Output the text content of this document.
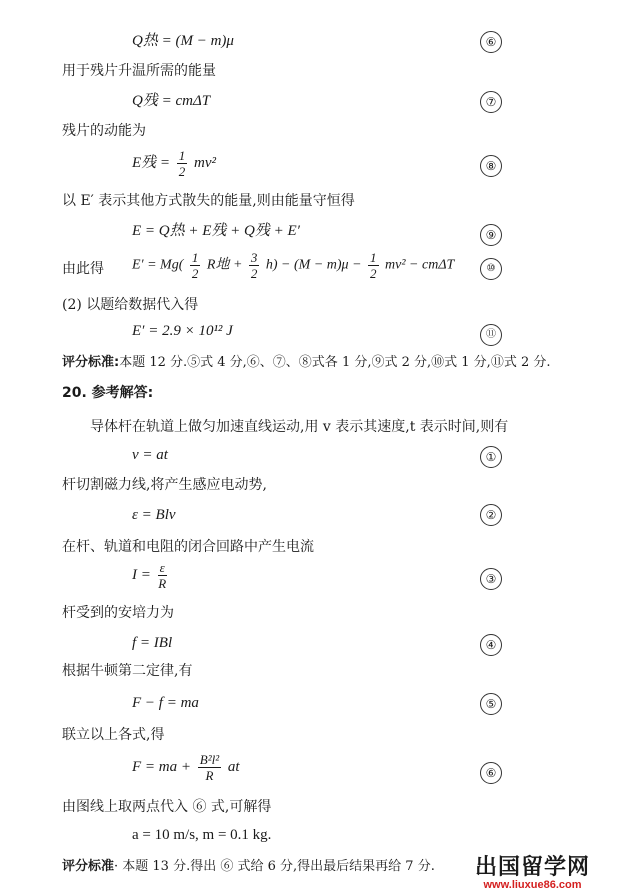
Q热 = (M − m)μ	⑥
用于残片升温所需的能量
Q残 = cmΔT	⑦
残片的动能为
E残 = $\frac{1}{2} mv^2$	⑧
以 E′ 表示其他方式散失的能量,则由能量守恒得
E = Q热 + E残 + Q残 + E′	⑨
由此得 $E' = Mg( \frac{1}{2}$ R地 + $\frac{3}{2} h) - (M - m)\mu - \frac{1}{2} mv^2 - cm\Delta T$	⑩
(2) 以题给数据代入得
E′ = 2.9 × 10¹² J	⑪
评分标准:本题 12 分.⑤式 4 分,⑥、⑦、⑧式各 1 分,⑨式 2 分,⑩式 1 分,⑪式 2 分.
20. 参考解答:
导体杆在轨道上做匀加速直线运动,用 v 表示其速度,t 表示时间,则有
v = at	①
杆切割磁力线,将产生感应电动势,
ε = Blv	②
在杆、轨道和电阻的闭合回路中产生电流
$I = \frac{\varepsilon}{R}$	③
杆受到的安培力为
f = IBl	④
根据牛顿第二定律,有
F − f = ma	⑤
联立以上各式,得
F = ma + $\frac{\text{B²l²}}{R}$ at	⑥
由图线上取两点代入 ⑥ 式,可解得
a = 10 m/s, m = 0.1 kg.
评分标准· 本题 13 分.得出 ⑥ 式给 6 分,得出最后结果再给 7 分. 出国留学网
www.liuxue86.com
